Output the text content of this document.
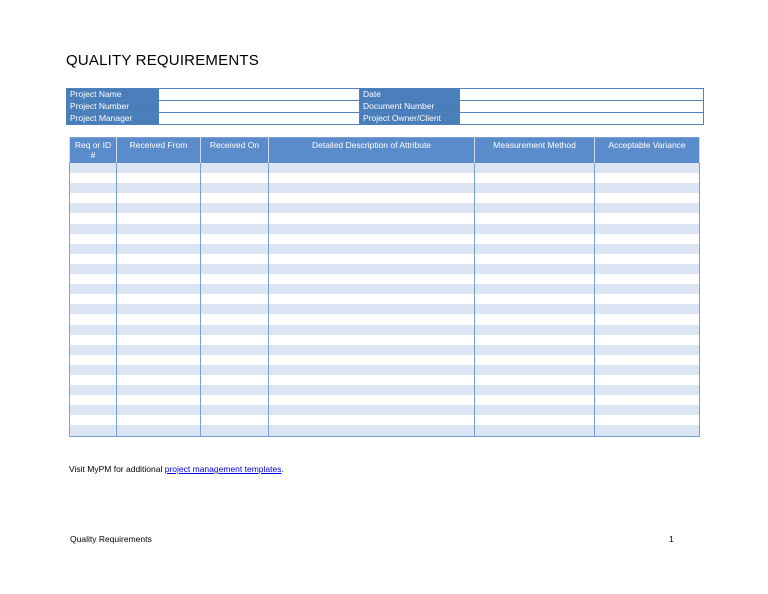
QUALITY REQUIREMENTS
Project Name		Date	
Project Number		Document Number	
Project Manager		Project Owner/Client	
Req or ID #	Received From	Received On	Detailed Description of Attribute	Measurement Method	Acceptable Variance

Visit MyPM for additional project management templates.
Quality Requirements	1
